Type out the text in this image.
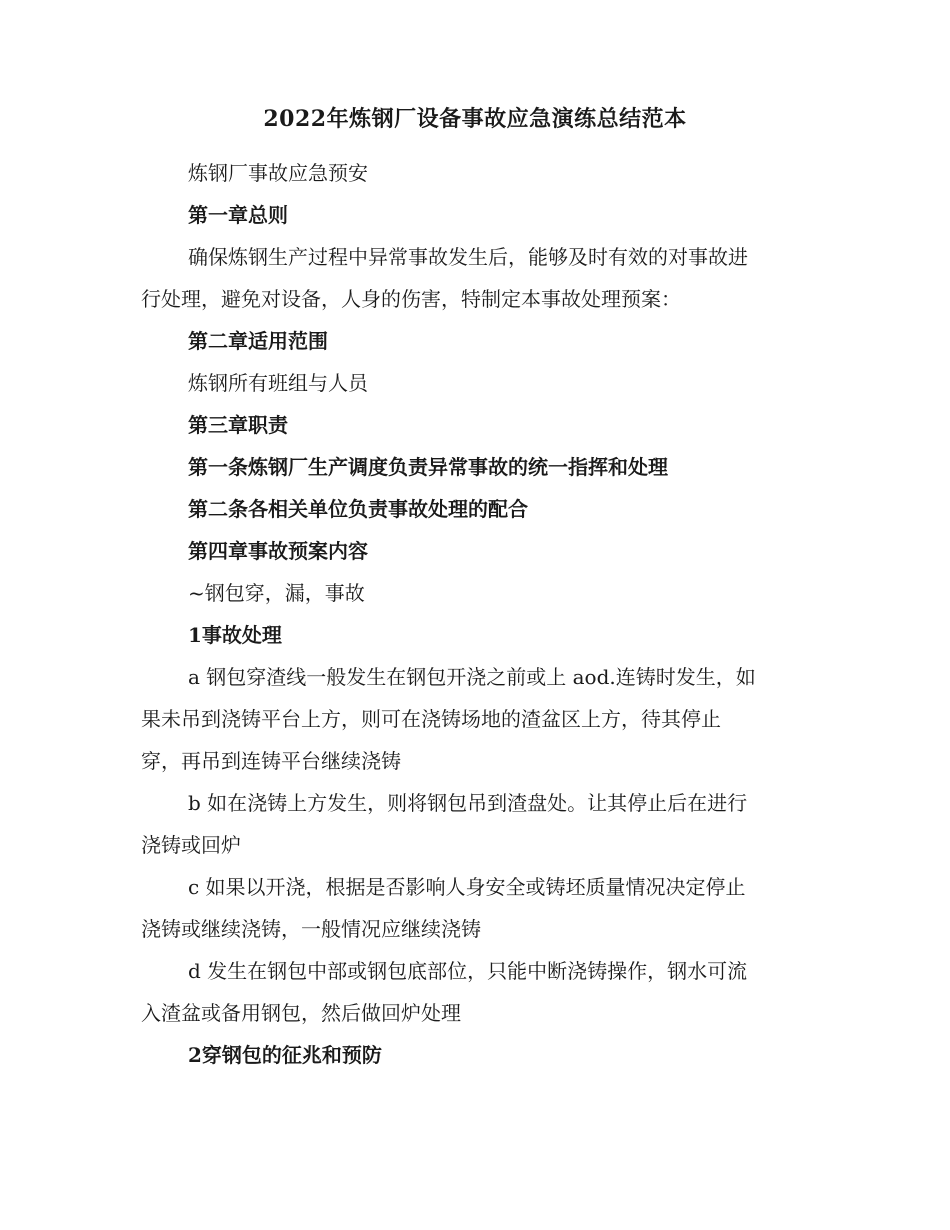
2022年炼钢厂设备事故应急演练总结范本

炼钢厂事故应急预安

第一章总则

确保炼钢生产过程中异常事故发生后，能够及时有效的对事故进

行处理，避免对设备，人身的伤害，特制定本事故处理预案：

第二章适用范围

炼钢所有班组与人员

第三章职责

第一条炼钢厂生产调度负责异常事故的统一指挥和处理

第二条各相关单位负责事故处理的配合

第四章事故预案内容

~钢包穿，漏，事故

1事故处理

a 钢包穿渣线一般发生在钢包开浇之前或上 aod.连铸时发生，如

果未吊到浇铸平台上方，则可在浇铸场地的渣盆区上方，待其停止

穿，再吊到连铸平台继续浇铸

b 如在浇铸上方发生，则将钢包吊到渣盘处。让其停止后在进行

浇铸或回炉

c 如果以开浇，根据是否影响人身安全或铸坯质量情况决定停止

浇铸或继续浇铸，一般情况应继续浇铸

d 发生在钢包中部或钢包底部位，只能中断浇铸操作，钢水可流

入渣盆或备用钢包，然后做回炉处理

2穿钢包的征兆和预防
